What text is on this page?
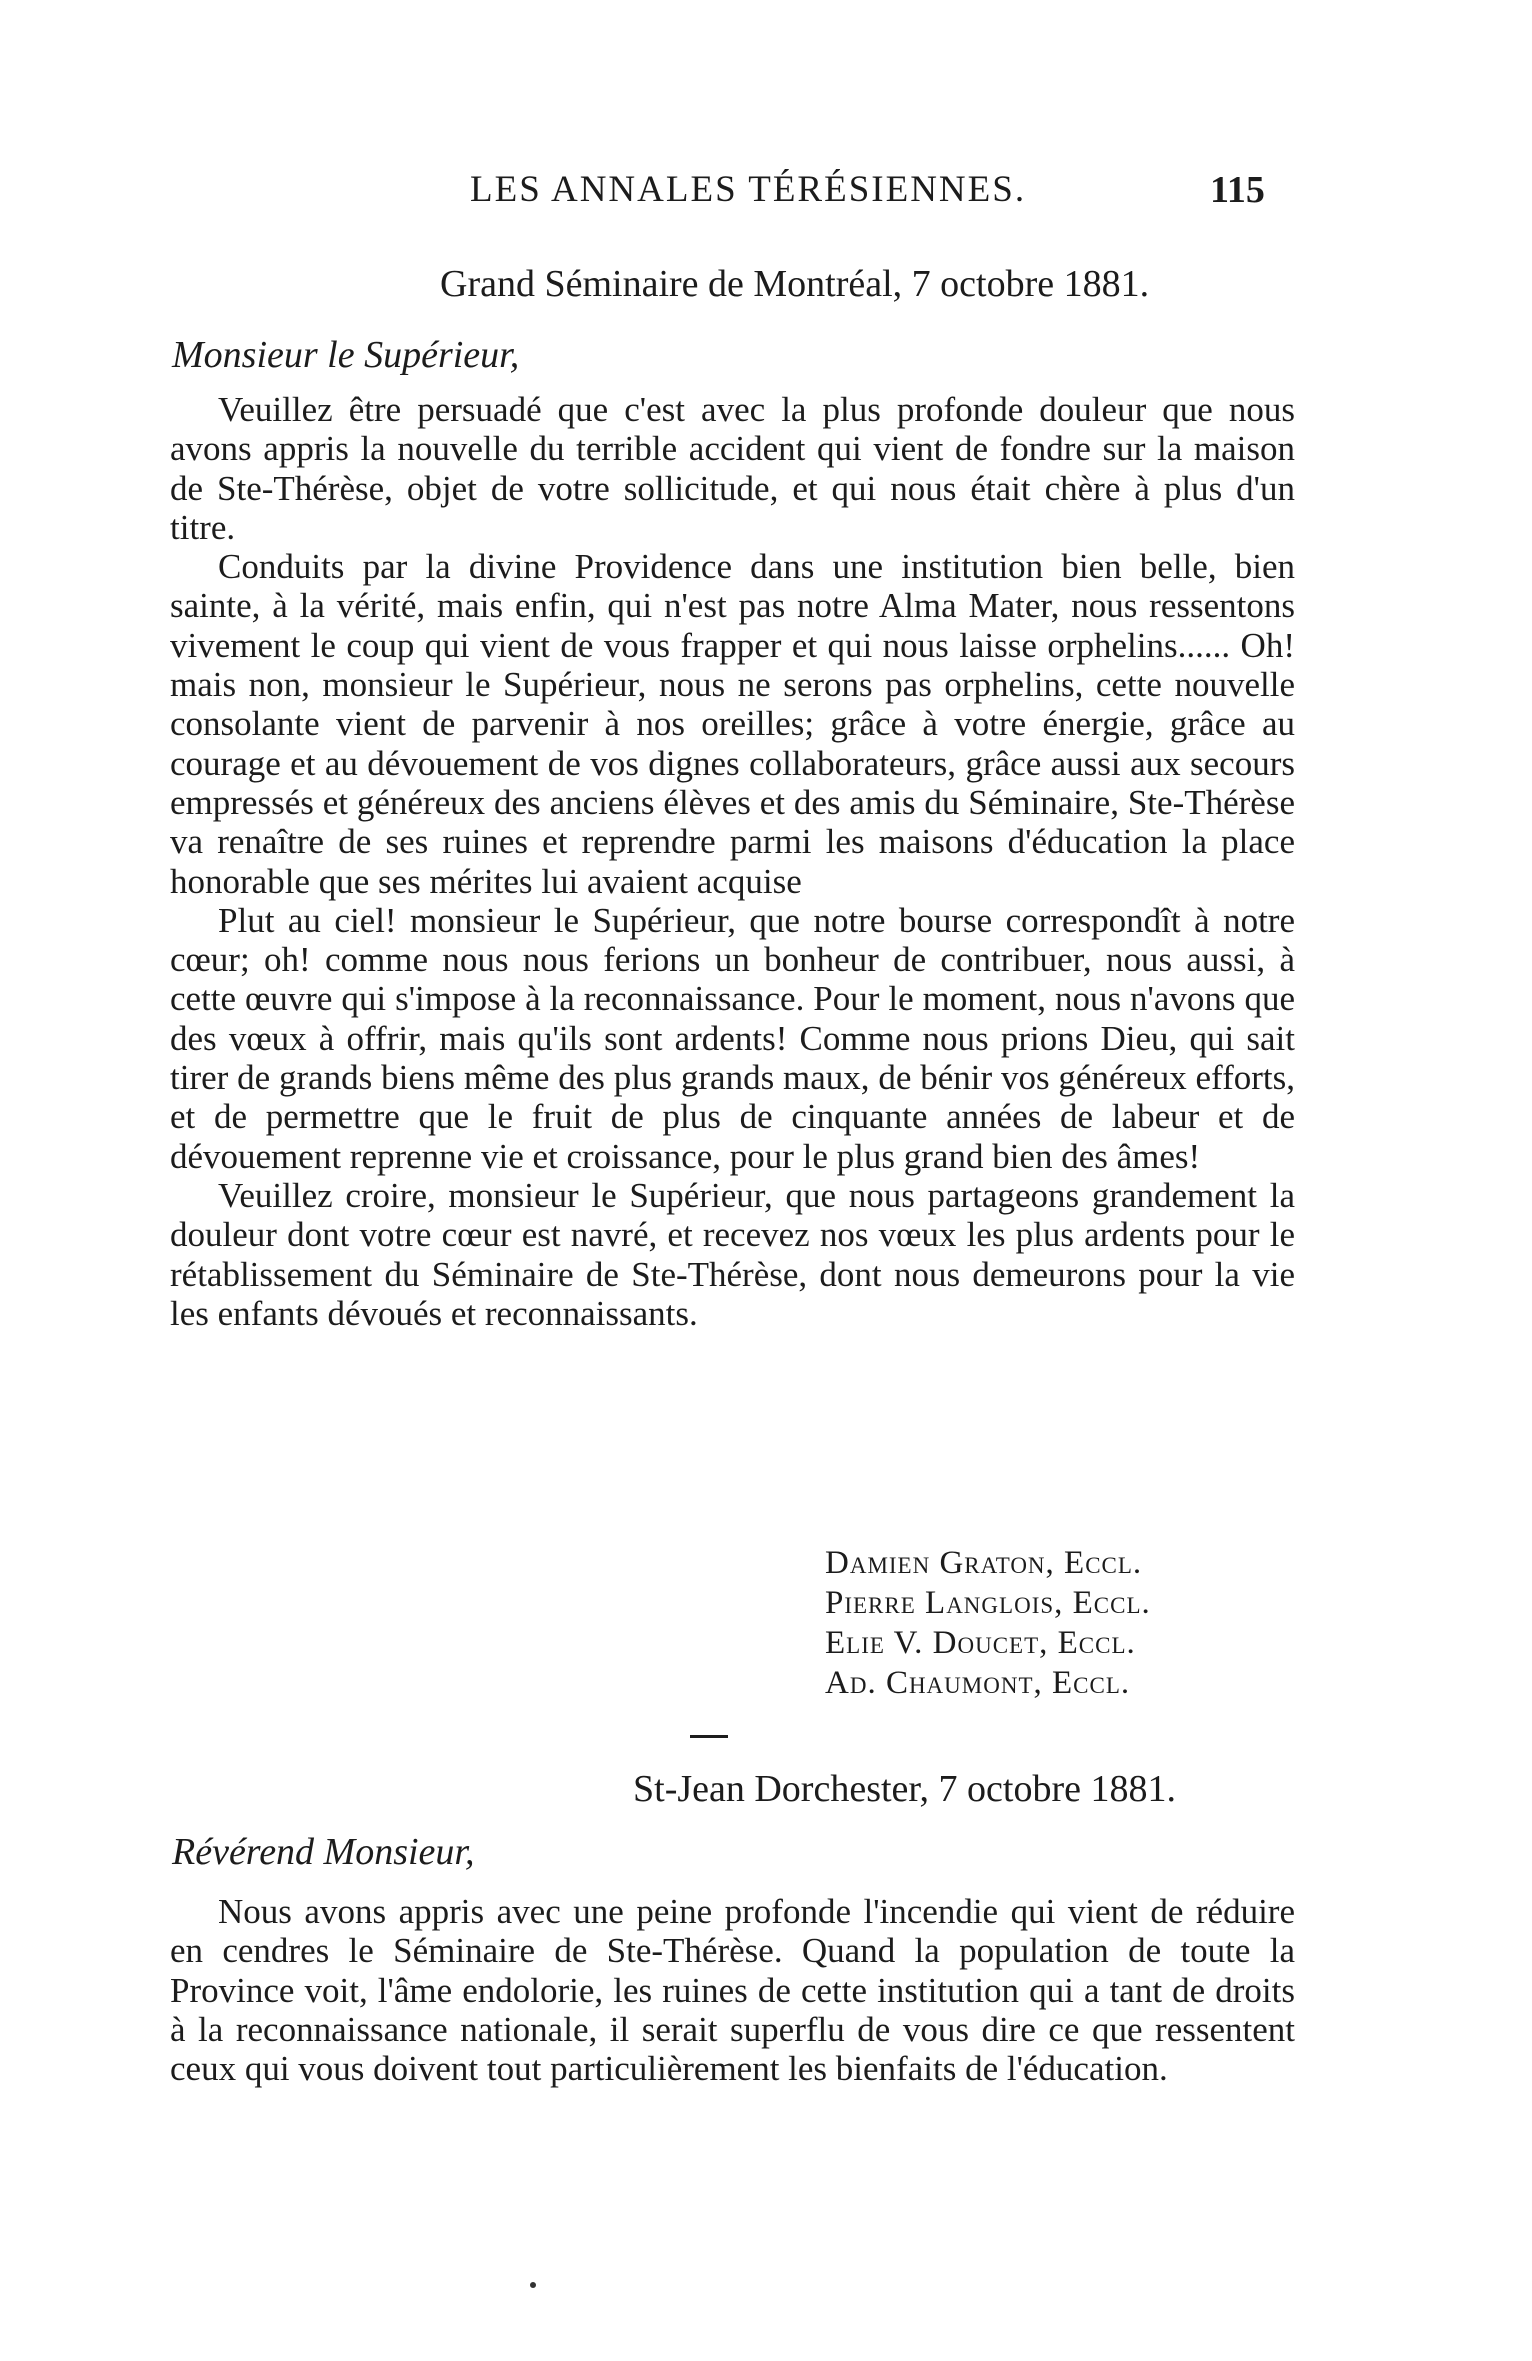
LES ANNALES TÉRÉSIENNES.	115
Grand Séminaire de Montréal, 7 octobre 1881.
Monsieur le Supérieur,

Veuillez être persuadé que c'est avec la plus profonde douleur que nous avons appris la nouvelle du terrible accident qui vient de fondre sur la maison de Ste-Thérèse, objet de votre sollicitude, et qui nous était chère à plus d'un titre.

Conduits par la divine Providence dans une institution bien belle, bien sainte, à la vérité, mais enfin, qui n'est pas notre Alma Mater, nous ressentons vivement le coup qui vient de vous frapper et qui nous laisse orphelins...... Oh! mais non, monsieur le Supérieur, nous ne serons pas orphelins, cette nouvelle consolante vient de parvenir à nos oreilles; grâce à votre énergie, grâce au courage et au dévouement de vos dignes collaborateurs, grâce aussi aux secours empressés et généreux des anciens élèves et des amis du Séminaire, Ste-Thérèse va renaître de ses ruines et reprendre parmi les maisons d'éducation la place honorable que ses mérites lui avaient acquise

Plut au ciel! monsieur le Supérieur, que notre bourse correspondît à notre cœur; oh! comme nous nous ferions un bonheur de contribuer, nous aussi, à cette œuvre qui s'impose à la reconnaissance. Pour le moment, nous n'avons que des vœux à offrir, mais qu'ils sont ardents! Comme nous prions Dieu, qui sait tirer de grands biens même des plus grands maux, de bénir vos généreux efforts, et de permettre que le fruit de plus de cinquante années de labeur et de dévouement reprenne vie et croissance, pour le plus grand bien des âmes!

Veuillez croire, monsieur le Supérieur, que nous partageons grandement la douleur dont votre cœur est navré, et recevez nos vœux les plus ardents pour le rétablissement du Séminaire de Ste-Thérèse, dont nous demeurons pour la vie les enfants dévoués et reconnaissants.

Damien Graton, Eccl.
Pierre Langlois, Eccl.
Elie V. Doucet, Eccl.
Ad. Chaumont, Eccl.
St-Jean Dorchester, 7 octobre 1881.
Révérend Monsieur,

Nous avons appris avec une peine profonde l'incendie qui vient de réduire en cendres le Séminaire de Ste-Thérèse. Quand la population de toute la Province voit, l'âme endolorie, les ruines de cette institution qui a tant de droits à la reconnaissance nationale, il serait superflu de vous dire ce que ressentent ceux qui vous doivent tout particulièrement les bienfaits de l'éducation.
